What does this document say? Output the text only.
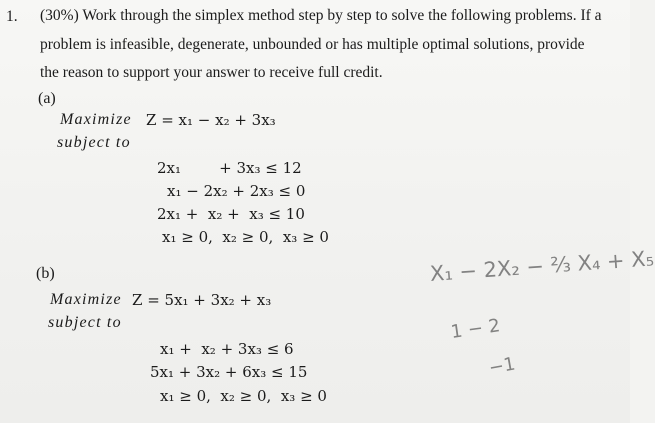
1. (30%) Work through the simplex method step by step to solve the following problems. If a
problem is infeasible, degenerate, unbounded or has multiple optimal solutions, provide
the reason to support your answer to receive full credit.
(a)
Maximize Z = x₁ − x₂ + 3x₃
subject to
2x₁        + 3x₃ ≤ 12
x₁ − 2x₂ + 2x₃ ≤ 0
2x₁ +  x₂ +  x₃ ≤ 10
x₁ ≥ 0,  x₂ ≥ 0,  x₃ ≥ 0
(b)
Maximize Z = 5x₁ + 3x₂ + x₃
subject to
x₁ +  x₂ + 3x₃ ≤ 6
5x₁ + 3x₂ + 6x₃ ≤ 15
x₁ ≥ 0,  x₂ ≥ 0,  x₃ ≥ 0
X₁ − 2X₂ − ⅔ X₄ + X₅
1 − 2
−1
